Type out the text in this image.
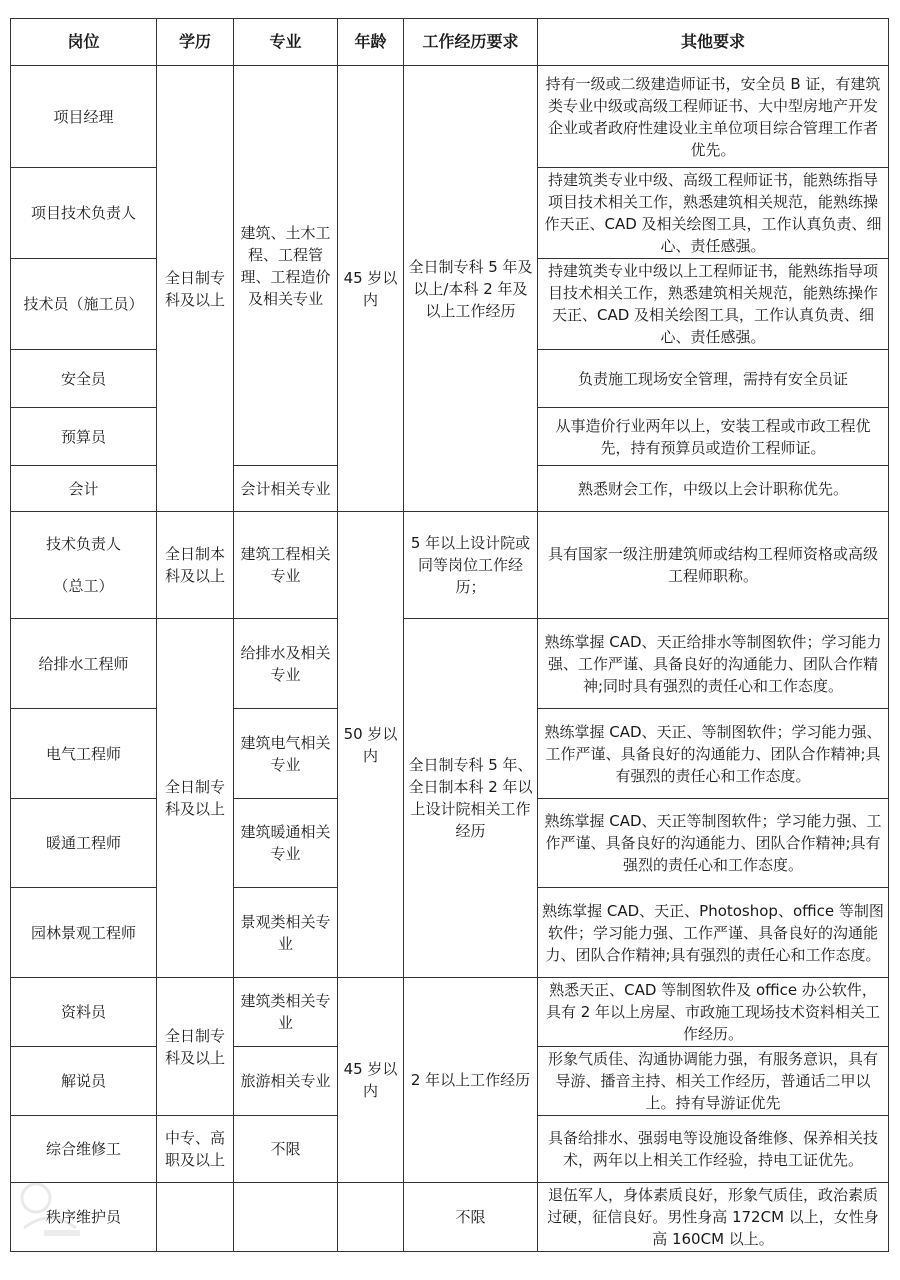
岗位	学历	专业	年龄	工作经历要求	其他要求
项目经理	全日制专科及以上	建筑、土木工程、工程管理、工程造价及相关专业	45 岁以内	全日制专科 5 年及以上/本科 2 年及以上工作经历	持有一级或二级建造师证书，安全员 B 证，有建筑类专业中级或高级工程师证书、大中型房地产开发企业或者政府性建设业主单位项目综合管理工作者优先。
项目技术负责人					持建筑类专业中级、高级工程师证书，能熟练指导项目技术相关工作，熟悉建筑相关规范，能熟练操作天正、CAD 及相关绘图工具，工作认真负责、细心、责任感强。
技术员（施工员）					持建筑类专业中级以上工程师证书，能熟练指导项目技术相关工作，熟悉建筑相关规范，能熟练操作天正、CAD 及相关绘图工具，工作认真负责、细心、责任感强。
安全员					负责施工现场安全管理，需持有安全员证
预算员					从事造价行业两年以上，安装工程或市政工程优先，持有预算员或造价工程师证。
会计		会计相关专业			熟悉财会工作，中级以上会计职称优先。

技术负责人
（总工）	全日制本科及以上	建筑工程相关专业	50 岁以内	5 年以上设计院或同等岗位工作经历；	具有国家一级注册建筑师或结构工程师资格或高级工程师职称。
给排水工程师	全日制专科及以上	给排水及相关专业		全日制专科 5 年、全日制本科 2 年以上设计院相关工作经历	熟练掌握 CAD、天正给排水等制图软件；学习能力强、工作严谨、具备良好的沟通能力、团队合作精神;同时具有强烈的责任心和工作态度。
电气工程师		建筑电气相关专业			熟练掌握 CAD、天正、等制图软件；学习能力强、工作严谨、具备良好的沟通能力、团队合作精神;具有强烈的责任心和工作态度。
暖通工程师		建筑暖通相关专业			熟练掌握 CAD、天正等制图软件；学习能力强、工作严谨、具备良好的沟通能力、团队合作精神;具有强烈的责任心和工作态度。
园林景观工程师		景观类相关专业			熟练掌握 CAD、天正、Photoshop、office 等制图软件；学习能力强、工作严谨、具备良好的沟通能力、团队合作精神;具有强烈的责任心和工作态度。
资料员	全日制专科及以上	建筑类相关专业	45 岁以内	2 年以上工作经历	熟悉天正、CAD 等制图软件及 office 办公软件，具有 2 年以上房屋、市政施工现场技术资料相关工作经历。
解说员		旅游相关专业			形象气质佳、沟通协调能力强，有服务意识，具有导游、播音主持、相关工作经历，普通话二甲以上。持有导游证优先
综合维修工	中专、高职及以上	不限			具备给排水、强弱电等设施设备维修、保养相关技术，两年以上相关工作经验，持电工证优先。
秩序维护员				不限	退伍军人，身体素质良好，形象气质佳，政治素质过硬，征信良好。男性身高 172CM 以上，女性身高 160CM 以上。
